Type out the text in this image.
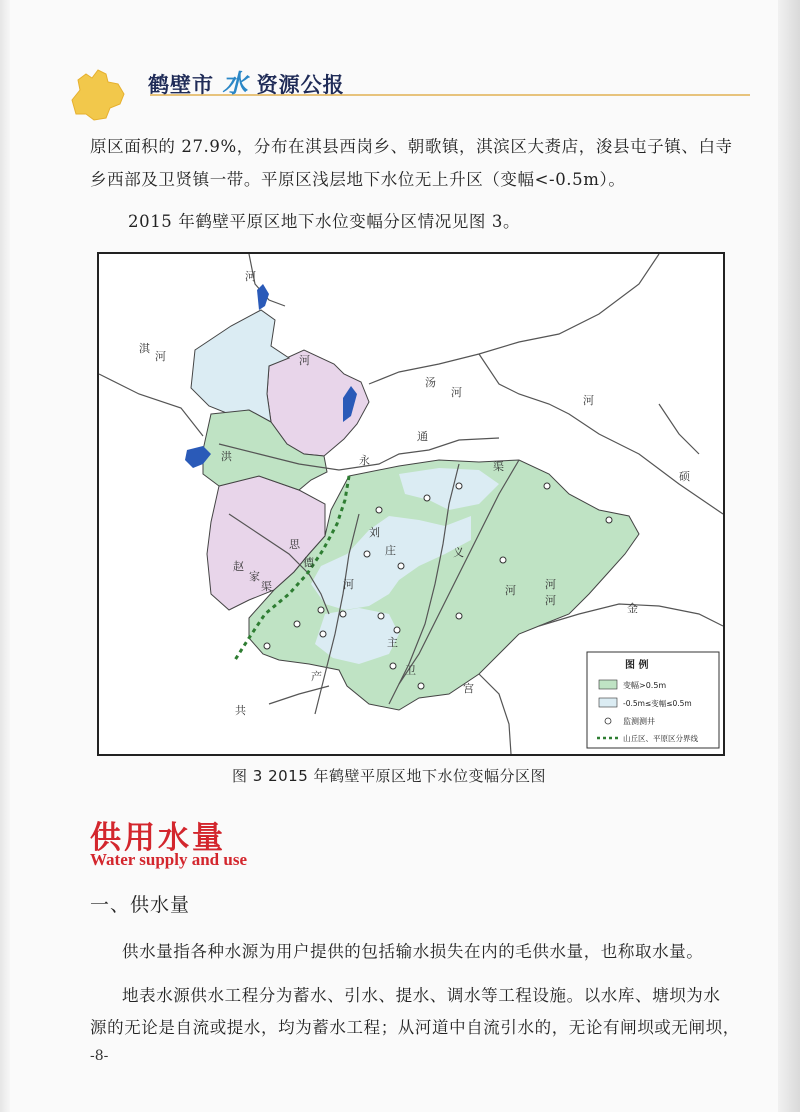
鹤壁市 水 资源公报
原区面积的 27.9%，分布在淇县西岗乡、朝歌镇，淇滨区大赉店，浚县屯子镇、白寺
乡西部及卫贤镇一带。平原区浅层地下水位无上升区（变幅<-0.5m）。
2015 年鹤壁平原区地下水位变幅分区情况见图 3。
河
淇
河
洪
河
汤
河
通
永
河
渠
刘
庄	义
河
思
德
河
赵
家
渠
共
产
主
卫
宫
河
金
河
硕
图 例
变幅>0.5m
-0.5m≤变幅≤0.5m
监测测井
山丘区、平原区分界线
图 3 2015 年鹤壁平原区地下水位变幅分区图
供用水量
Water supply and use
一、供水量
供水量指各种水源为用户提供的包括输水损失在内的毛供水量，也称取水量。
地表水源供水工程分为蓄水、引水、提水、调水等工程设施。以水库、塘坝为水
源的无论是自流或提水，均为蓄水工程；从河道中自流引水的，无论有闸坝或无闸坝，
-8-
